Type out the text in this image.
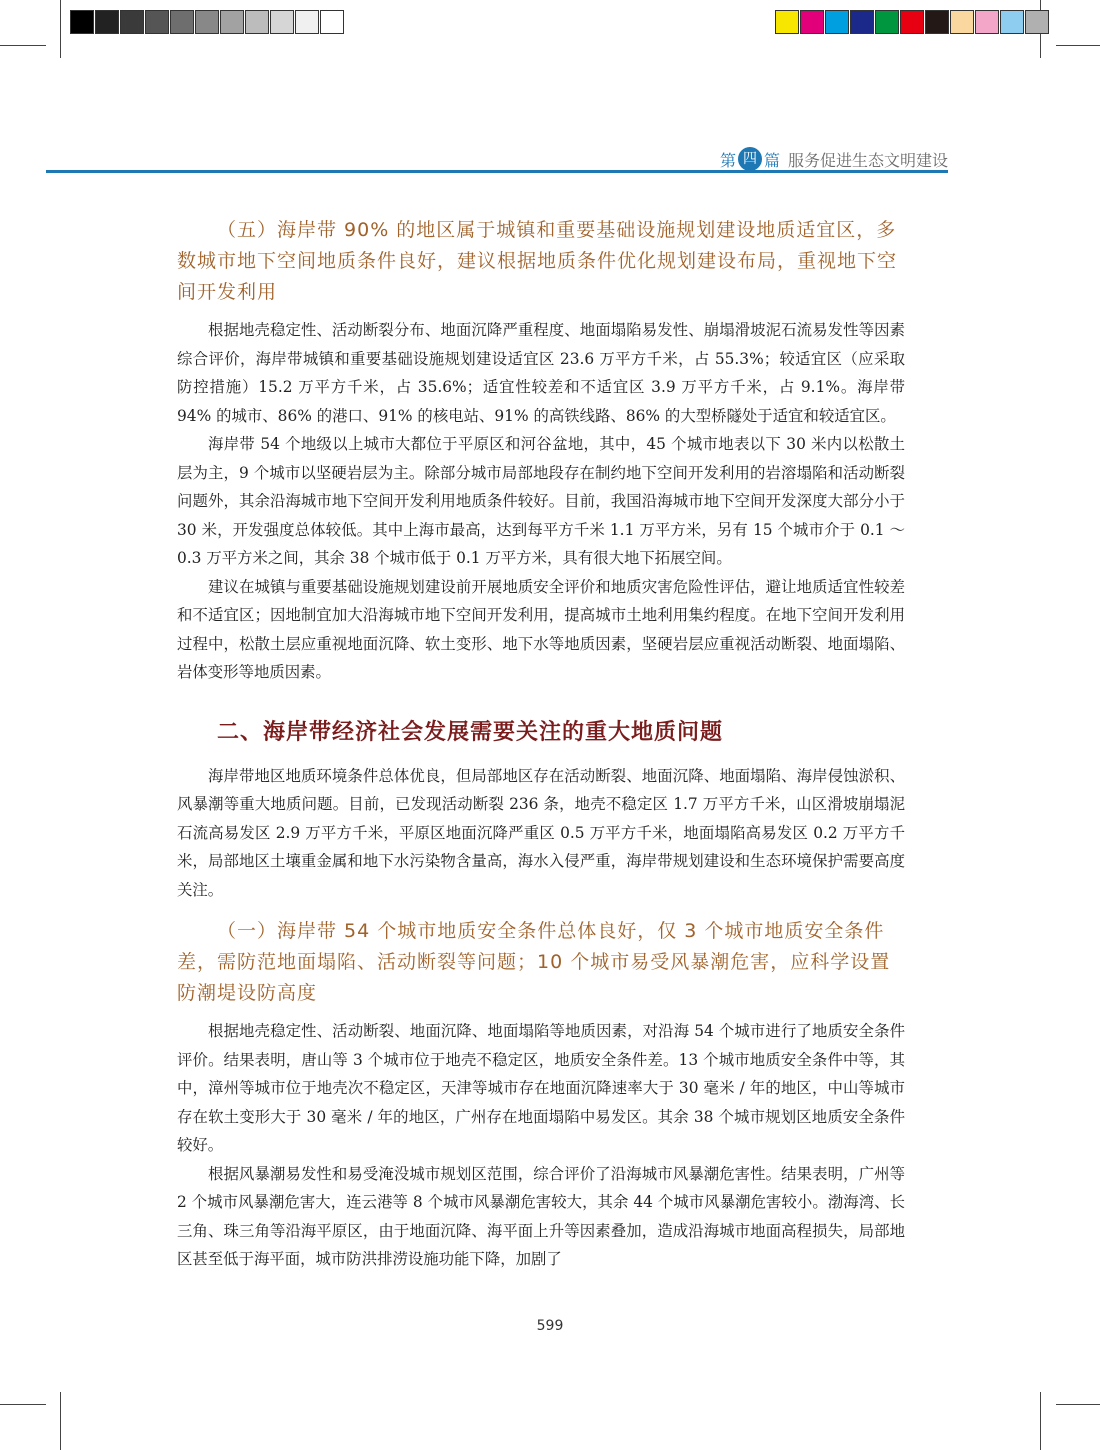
第 四 篇 服务促进生态文明建设
（五）海岸带 90% 的地区属于城镇和重要基础设施规划建设地质适宜区，多数城市地下空间地质条件良好，建议根据地质条件优化规划建设布局，重视地下空间开发利用

根据地壳稳定性、活动断裂分布、地面沉降严重程度、地面塌陷易发性、崩塌滑坡泥石流易发性等因素综合评价，海岸带城镇和重要基础设施规划建设适宜区 23.6 万平方千米，占 55.3%；较适宜区（应采取防控措施）15.2 万平方千米，占 35.6%；适宜性较差和不适宜区 3.9 万平方千米，占 9.1%。海岸带 94% 的城市、86% 的港口、91% 的核电站、91% 的高铁线路、86% 的大型桥隧处于适宜和较适宜区。

海岸带 54 个地级以上城市大都位于平原区和河谷盆地，其中，45 个城市地表以下 30 米内以松散土层为主，9 个城市以坚硬岩层为主。除部分城市局部地段存在制约地下空间开发利用的岩溶塌陷和活动断裂问题外，其余沿海城市地下空间开发利用地质条件较好。目前，我国沿海城市地下空间开发深度大部分小于 30 米，开发强度总体较低。其中上海市最高，达到每平方千米 1.1 万平方米，另有 15 个城市介于 0.1 ～ 0.3 万平方米之间，其余 38 个城市低于 0.1 万平方米，具有很大地下拓展空间。

建议在城镇与重要基础设施规划建设前开展地质安全评价和地质灾害危险性评估，避让地质适宜性较差和不适宜区；因地制宜加大沿海城市地下空间开发利用，提高城市土地利用集约程度。在地下空间开发利用过程中，松散土层应重视地面沉降、软土变形、地下水等地质因素，坚硬岩层应重视活动断裂、地面塌陷、岩体变形等地质因素。

二、海岸带经济社会发展需要关注的重大地质问题

海岸带地区地质环境条件总体优良，但局部地区存在活动断裂、地面沉降、地面塌陷、海岸侵蚀淤积、风暴潮等重大地质问题。目前，已发现活动断裂 236 条，地壳不稳定区 1.7 万平方千米，山区滑坡崩塌泥石流高易发区 2.9 万平方千米，平原区地面沉降严重区 0.5 万平方千米，地面塌陷高易发区 0.2 万平方千米，局部地区土壤重金属和地下水污染物含量高，海水入侵严重，海岸带规划建设和生态环境保护需要高度关注。

（一）海岸带 54 个城市地质安全条件总体良好，仅 3 个城市地质安全条件差，需防范地面塌陷、活动断裂等问题；10 个城市易受风暴潮危害，应科学设置防潮堤设防高度

根据地壳稳定性、活动断裂、地面沉降、地面塌陷等地质因素，对沿海 54 个城市进行了地质安全条件评价。结果表明，唐山等 3 个城市位于地壳不稳定区，地质安全条件差。13 个城市地质安全条件中等，其中，漳州等城市位于地壳次不稳定区，天津等城市存在地面沉降速率大于 30 毫米 / 年的地区，中山等城市存在软土变形大于 30 毫米 / 年的地区，广州存在地面塌陷中易发区。其余 38 个城市规划区地质安全条件较好。

根据风暴潮易发性和易受淹没城市规划区范围，综合评价了沿海城市风暴潮危害性。结果表明，广州等 2 个城市风暴潮危害大，连云港等 8 个城市风暴潮危害较大，其余 44 个城市风暴潮危害较小。渤海湾、长三角、珠三角等沿海平原区，由于地面沉降、海平面上升等因素叠加，造成沿海城市地面高程损失，局部地区甚至低于海平面，城市防洪排涝设施功能下降，加剧了

599
